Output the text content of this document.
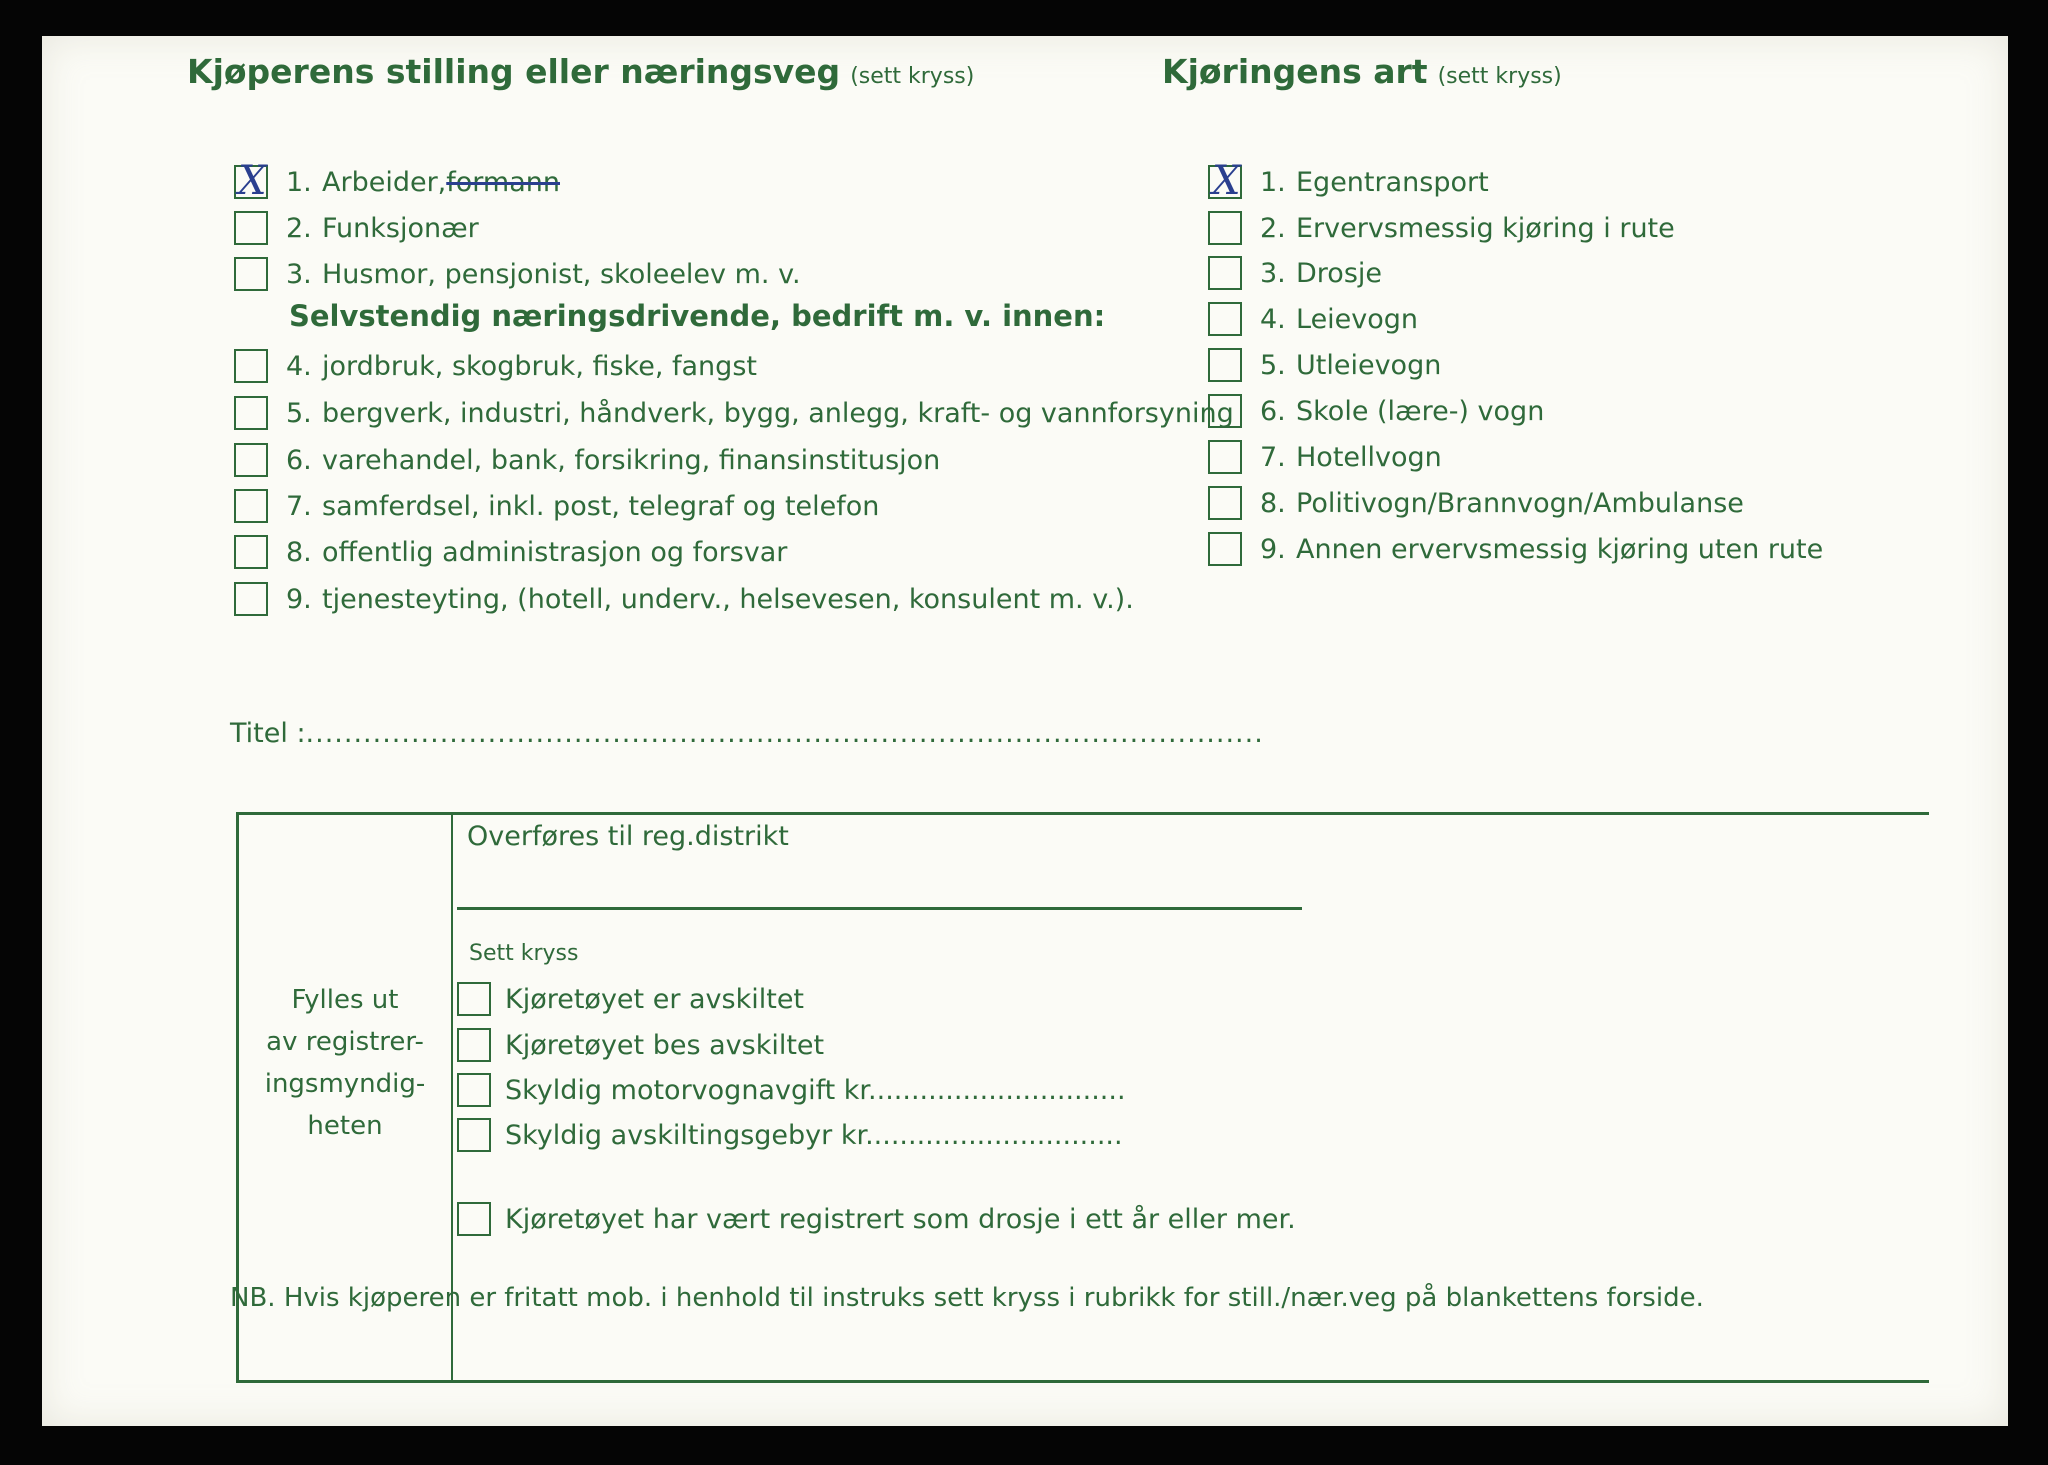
Kjøperens stilling eller næringsveg (sett kryss)	Kjøringens art (sett kryss)
X 1. Arbeider, formann
2. Funksjonær
3. Husmor, pensjonist, skoleelev m. v.
Selvstendig næringsdrivende, bedrift m. v. innen:
4. jordbruk, skogbruk, fiske, fangst
5. bergverk, industri, håndverk, bygg, anlegg, kraft- og vannforsyning
6. varehandel, bank, forsikring, finansinstitusjon
7. samferdsel, inkl. post, telegraf og telefon
8. offentlig administrasjon og forsvar
9. tjenesteyting, (hotell, underv., helsevesen, konsulent m. v.).
X 1. Egentransport
2. Ervervsmessig kjøring i rute
3. Drosje
4. Leievogn
5. Utleievogn
6. Skole (lære-) vogn
7. Hotellvogn
8. Politivogn/Brannvogn/Ambulanse
9. Annen ervervsmessig kjøring uten rute
Titel :....................................................................................................
Fylles ut
av registrer-
ingsmyndig-
heten
Overføres til reg.distrikt
Sett kryss
Kjøretøyet er avskiltet
Kjøretøyet bes avskiltet
Skyldig motorvognavgift kr..............................
Skyldig avskiltingsgebyr kr..............................
Kjøretøyet har vært registrert som drosje i ett år eller mer.
NB. Hvis kjøperen er fritatt mob. i henhold til instruks sett kryss i rubrikk for still./nær.veg på blankettens forside.
